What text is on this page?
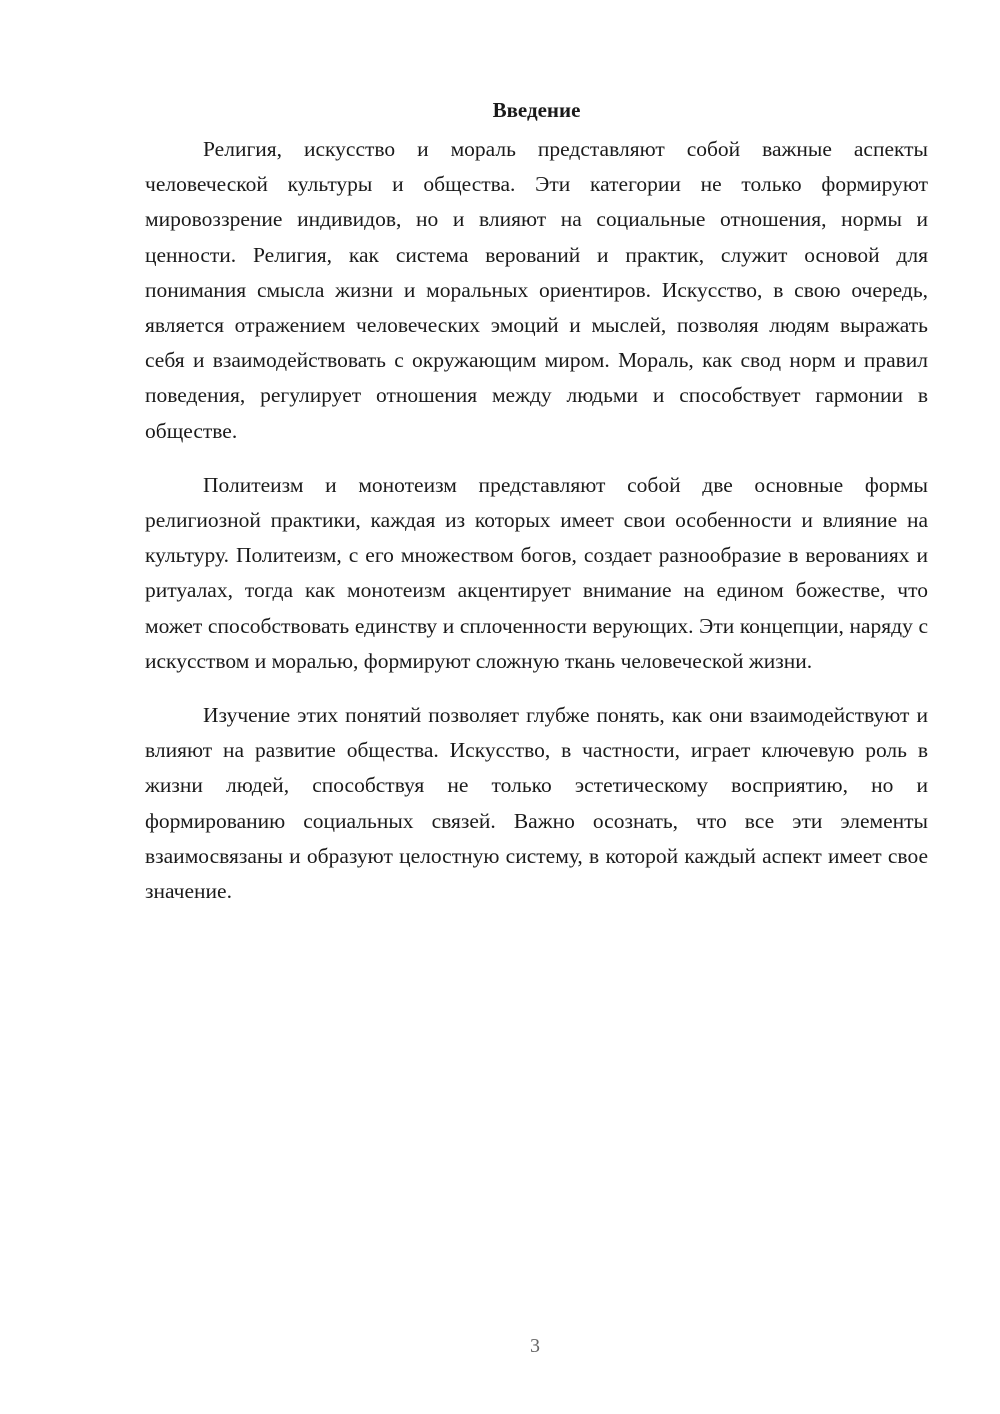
Введение

Религия, искусство и мораль представляют собой важные аспекты человеческой культуры и общества. Эти категории не только формируют мировоззрение индивидов, но и влияют на социальные отношения, нормы и ценности. Религия, как система верований и практик, служит основой для понимания смысла жизни и моральных ориентиров. Искусство, в свою очередь, является отражением человеческих эмоций и мыслей, позволяя людям выражать себя и взаимодействовать с окружающим миром. Мораль, как свод норм и правил поведения, регулирует отношения между людьми и способствует гармонии в обществе.

Политеизм и монотеизм представляют собой две основные формы религиозной практики, каждая из которых имеет свои особенности и влияние на культуру. Политеизм, с его множеством богов, создает разнообразие в верованиях и ритуалах, тогда как монотеизм акцентирует внимание на едином божестве, что может способствовать единству и сплоченности верующих. Эти концепции, наряду с искусством и моралью, формируют сложную ткань человеческой жизни.

Изучение этих понятий позволяет глубже понять, как они взаимодействуют и влияют на развитие общества. Искусство, в частности, играет ключевую роль в жизни людей, способствуя не только эстетическому восприятию, но и формированию социальных связей. Важно осознать, что все эти элементы взаимосвязаны и образуют целостную систему, в которой каждый аспект имеет свое значение.

3
